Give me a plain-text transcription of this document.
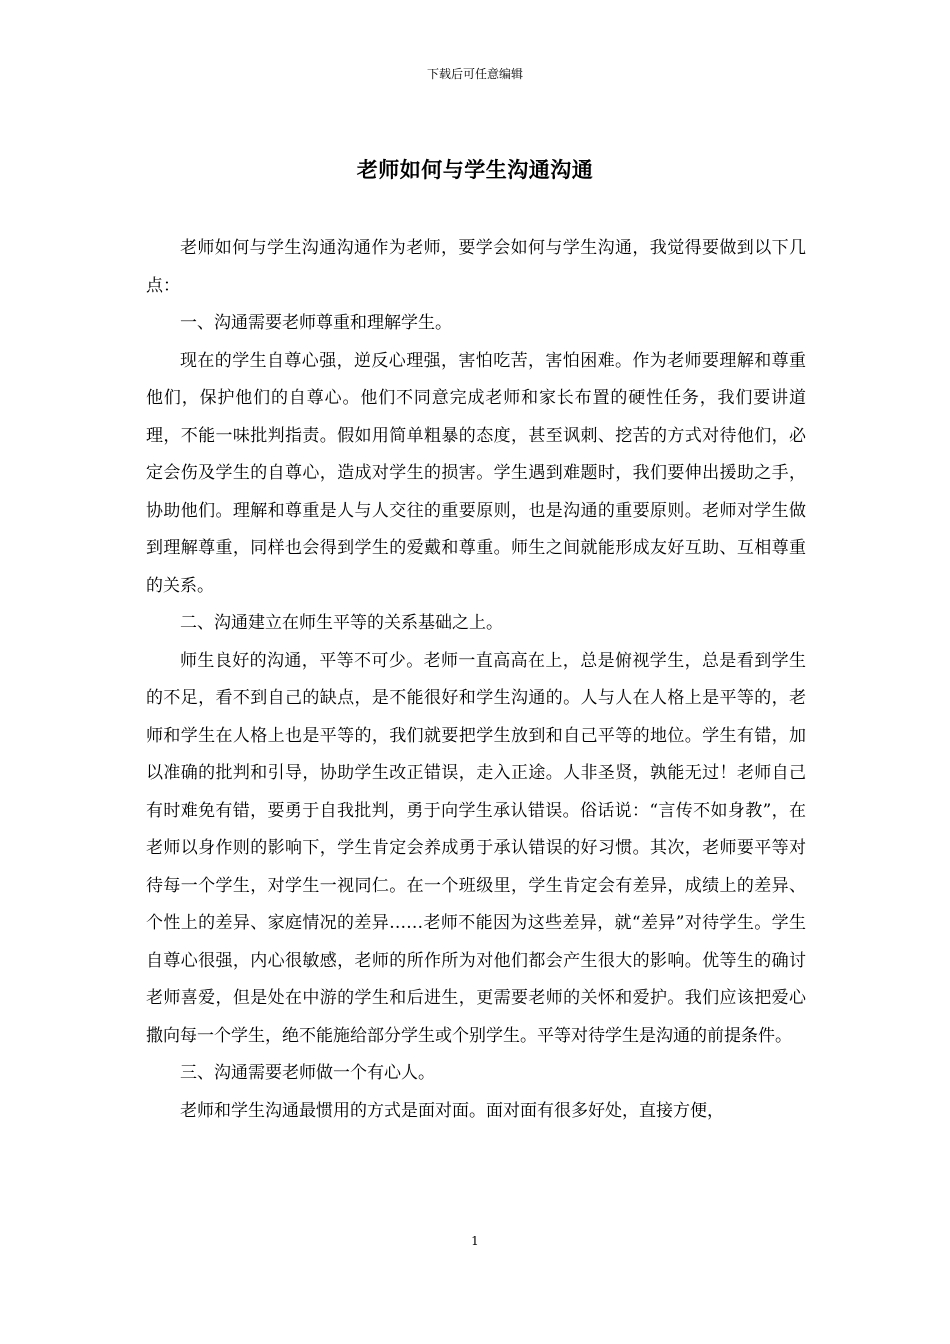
下载后可任意编辑
老师如何与学生沟通沟通

老师如何与学生沟通沟通作为老师，要学会如何与学生沟通，我觉得要做到以下几点：

一、沟通需要老师尊重和理解学生。

现在的学生自尊心强，逆反心理强，害怕吃苦，害怕困难。作为老师要理解和尊重他们，保护他们的自尊心。他们不同意完成老师和家长布置的硬性任务，我们要讲道理，不能一味批判指责。假如用简单粗暴的态度，甚至讽刺、挖苦的方式对待他们，必定会伤及学生的自尊心，造成对学生的损害。学生遇到难题时，我们要伸出援助之手，协助他们。理解和尊重是人与人交往的重要原则，也是沟通的重要原则。老师对学生做到理解尊重，同样也会得到学生的爱戴和尊重。师生之间就能形成友好互助、互相尊重的关系。

二、沟通建立在师生平等的关系基础之上。

师生良好的沟通，平等不可少。老师一直高高在上，总是俯视学生，总是看到学生的不足，看不到自己的缺点，是不能很好和学生沟通的。人与人在人格上是平等的，老师和学生在人格上也是平等的，我们就要把学生放到和自己平等的地位。学生有错，加以准确的批判和引导，协助学生改正错误，走入正途。人非圣贤，孰能无过！老师自己有时难免有错，要勇于自我批判，勇于向学生承认错误。俗话说：“言传不如身教”，在老师以身作则的影响下，学生肯定会养成勇于承认错误的好习惯。其次，老师要平等对待每一个学生，对学生一视同仁。在一个班级里，学生肯定会有差异，成绩上的差异、个性上的差异、家庭情况的差异……老师不能因为这些差异，就“差异”对待学生。学生自尊心很强，内心很敏感，老师的所作所为对他们都会产生很大的影响。优等生的确讨老师喜爱，但是处在中游的学生和后进生，更需要老师的关怀和爱护。我们应该把爱心撒向每一个学生，绝不能施给部分学生或个别学生。平等对待学生是沟通的前提条件。

三、沟通需要老师做一个有心人。

老师和学生沟通最惯用的方式是面对面。面对面有很多好处，直接方便，

1
